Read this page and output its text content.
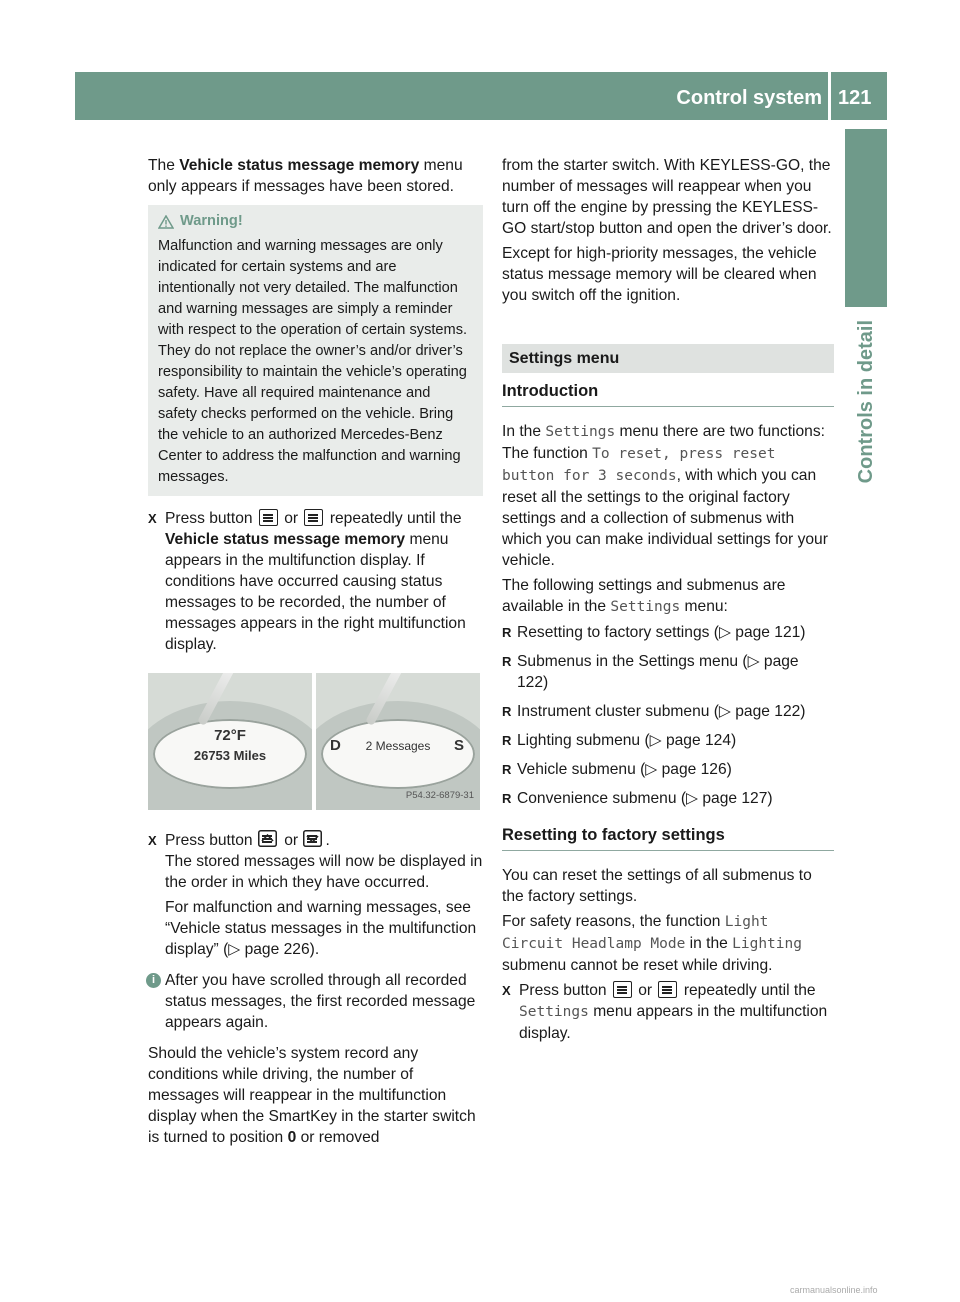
Control system 121
Controls in detail

The Vehicle status message memory menu only appears if messages have been stored.

Warning!
Malfunction and warning messages are only indicated for certain systems and are intentionally not very detailed. The malfunction and warning messages are simply a reminder with respect to the operation of certain systems. They do not replace the owner’s and/or driver’s responsibility to maintain the vehicle’s operating safety. Have all required maintenance and safety checks performed on the vehicle. Bring the vehicle to an authorized Mercedes-Benz Center to address the malfunction and warning messages.
X Press button or repeatedly until the Vehicle status message memory menu appears in the multifunction display. If conditions have occurred causing status messages to be recorded, the number of messages appears in the right multifunction display.
72°F
26753 Miles
D	2 Messages	S
P54.32-6879-31
X Press button or .

The stored messages will now be displayed in the order in which they have occurred.

For malfunction and warning messages, see “Vehicle status messages in the multifunction display” (▷ page 226).

i After you have scrolled through all recorded status messages, the first recorded message appears again.

Should the vehicle’s system record any conditions while driving, the number of messages will reappear in the multifunction display when the SmartKey in the starter switch is turned to position 0 or removed

from the starter switch. With KEYLESS-GO, the number of messages will reappear when you turn off the engine by pressing the KEYLESS-GO start/stop button and open the driver’s door.

Except for high-priority messages, the vehicle status message memory will be cleared when you switch off the ignition.

Settings menu
Introduction

In the Settings menu there are two functions: The function To reset, press reset button for 3 seconds, with which you can reset all the settings to the original factory settings and a collection of submenus with which you can make individual settings for your vehicle.

The following settings and submenus are available in the Settings menu:

R Resetting to factory settings (▷ page 121)
R Submenus in the Settings menu (▷ page 122)
R Instrument cluster submenu (▷ page 122)
R Lighting submenu (▷ page 124)
R Vehicle submenu (▷ page 126)
R Convenience submenu (▷ page 127)
Resetting to factory settings

You can reset the settings of all submenus to the factory settings.

For safety reasons, the function Light Circuit Headlamp Mode in the Lighting submenu cannot be reset while driving.

X Press button or repeatedly until the Settings menu appears in the multifunction display.
carmanualsonline.info
